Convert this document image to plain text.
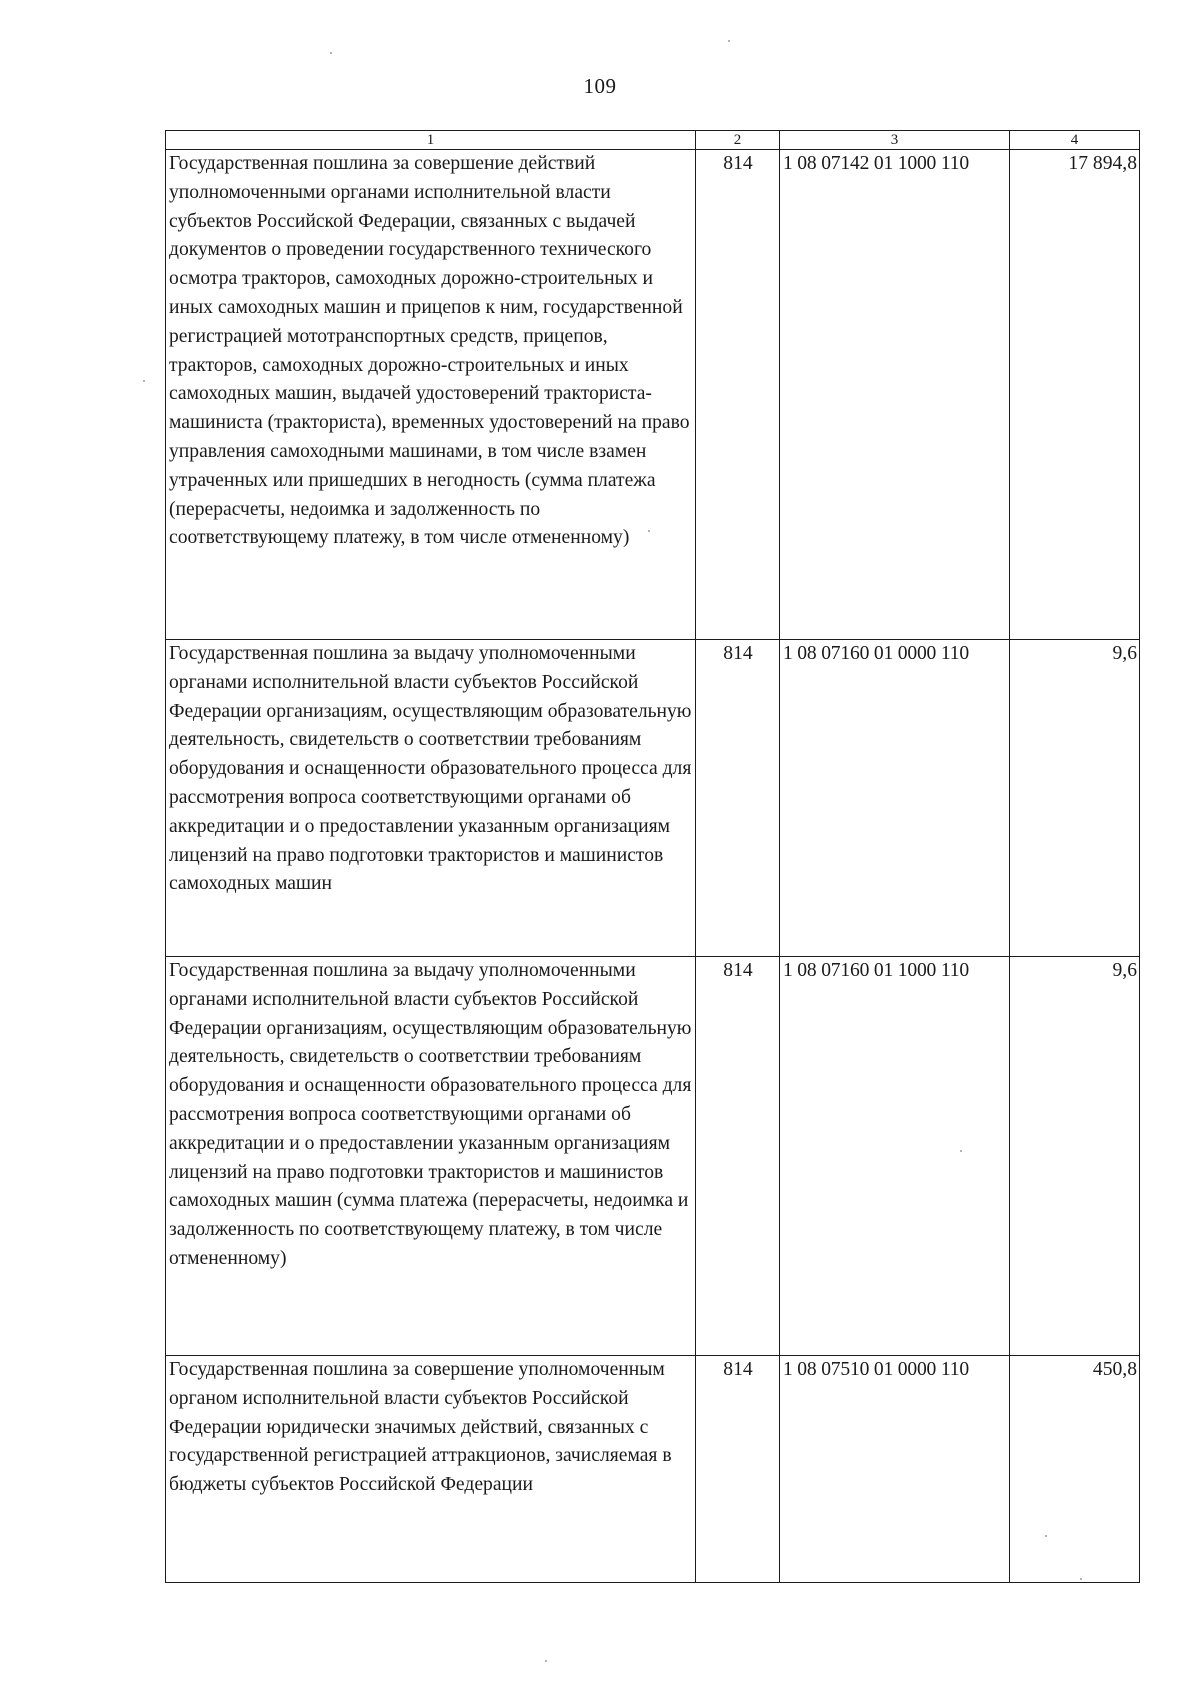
109
1	2	3	4
Государственная пошлина за совершение действий уполномоченными органами исполнительной власти субъектов Российской Федерации, связанных с выдачей документов о проведении государственного технического осмотра тракторов, самоходных дорожно-строительных и иных самоходных машин и прицепов к ним, государственной регистрацией мототранспортных средств, прицепов, тракторов, самоходных дорожно-строительных и иных самоходных машин, выдачей удостоверений тракториста-машиниста (тракториста), временных удостоверений на право управления самоходными машинами, в том числе взамен утраченных или пришедших в негодность (сумма платежа (перерасчеты, недоимка и задолженность по соответствующему платежу, в том числе отмененному)	814	1 08 07142 01 1000 110	17 894,8
Государственная пошлина за выдачу уполномоченными органами исполнительной власти субъектов Российской Федерации организациям, осуществляющим образовательную деятельность, свидетельств о соответствии требованиям оборудования и оснащенности образовательного процесса для рассмотрения вопроса соответствующими органами об аккредитации и о предоставлении указанным организациям лицензий на право подготовки трактористов и машинистов самоходных машин	814	1 08 07160 01 0000 110	9,6
Государственная пошлина за выдачу уполномоченными органами исполнительной власти субъектов Российской Федерации организациям, осуществляющим образовательную деятельность, свидетельств о соответствии требованиям оборудования и оснащенности образовательного процесса для рассмотрения вопроса соответствующими органами об аккредитации и о предоставлении указанным организациям лицензий на право подготовки трактористов и машинистов самоходных машин (сумма платежа (перерасчеты, недоимка и задолженность по соответствующему платежу, в том числе отмененному)	814	1 08 07160 01 1000 110	9,6
Государственная пошлина за совершение уполномоченным органом исполнительной власти субъектов Российской Федерации юридически значимых действий, связанных с государственной регистрацией аттракционов, зачисляемая в бюджеты субъектов Российской Федерации	814	1 08 07510 01 0000 110	450,8
